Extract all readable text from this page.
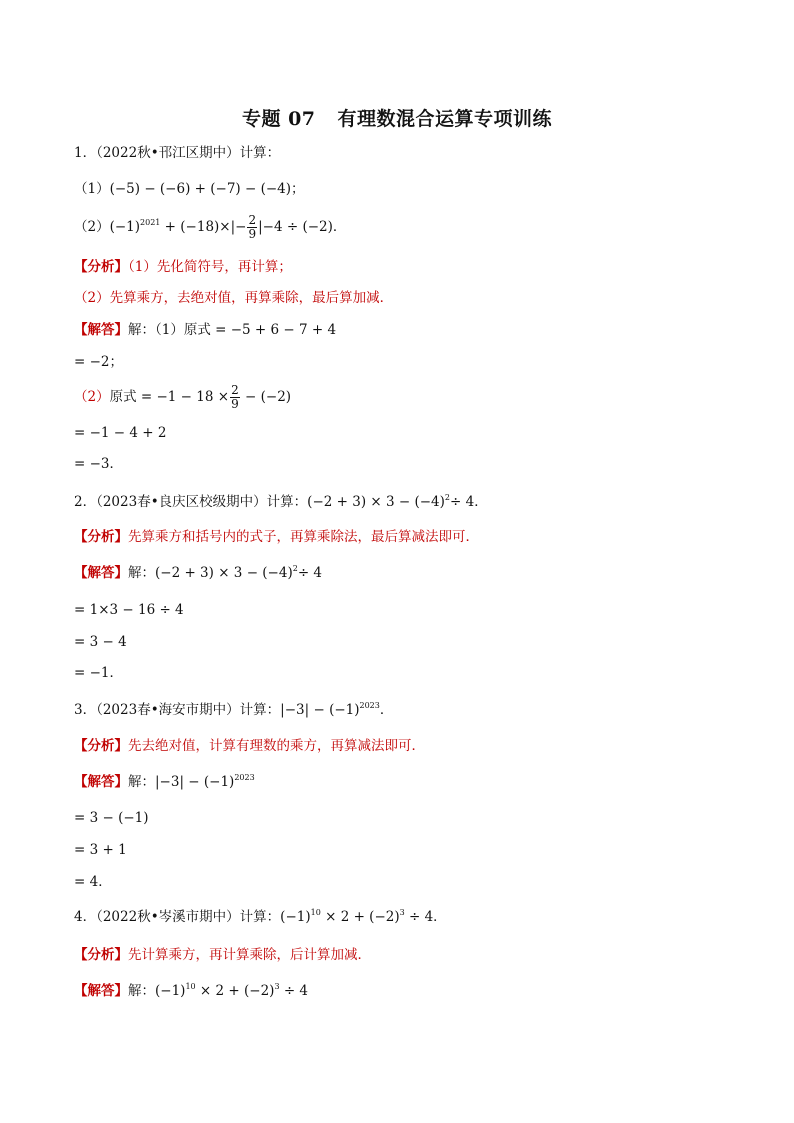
专题 07 有理数混合运算专项训练
1．（2022秋•邗江区期中）计算：
（1）(−5) − (−6) + (−7) − (−4)；
$(2)(-1)^{2021} + (-18)\times|- \frac{2}{9} |-4 \div (-2)$．
【分析】（1）先化简符号，再计算；
（2）先算乘方，去绝对值，再算乘除，最后算加减．
【解答】解：（1）原式 = −5 + 6 − 7 + 4
= −2；
（2）原式 = $-1 - 18 \times \frac{2}{9} - (-2)$
= −1 − 4 + 2
= −3．
2．（2023春•良庆区校级期中）计算：$(-2 + 3) \times 3 - (-4)^2\div 4$．
【分析】先算乘方和括号内的式子，再算乘除法，最后算减法即可．
【解答】解：$(-2 + 3) \times 3 - (-4)^2\div 4$
= 1×3 − 16 ÷ 4
= 3 − 4
= −1．
3．（2023春•海安市期中）计算：$|-3| - (-1)^{2023}$．
【分析】先去绝对值，计算有理数的乘方，再算减法即可．
【解答】解：$|-3| - (-1)^{2023}$
= 3 − (−1)
= 3 + 1
= 4．
4．（2022秋•岑溪市期中）计算：$(-1)^{10} \times 2 + (-2)^3 \div 4$．
【分析】先计算乘方，再计算乘除，后计算加减．
【解答】解：$(-1)^{10} \times 2 + (-2)^3 \div 4$
